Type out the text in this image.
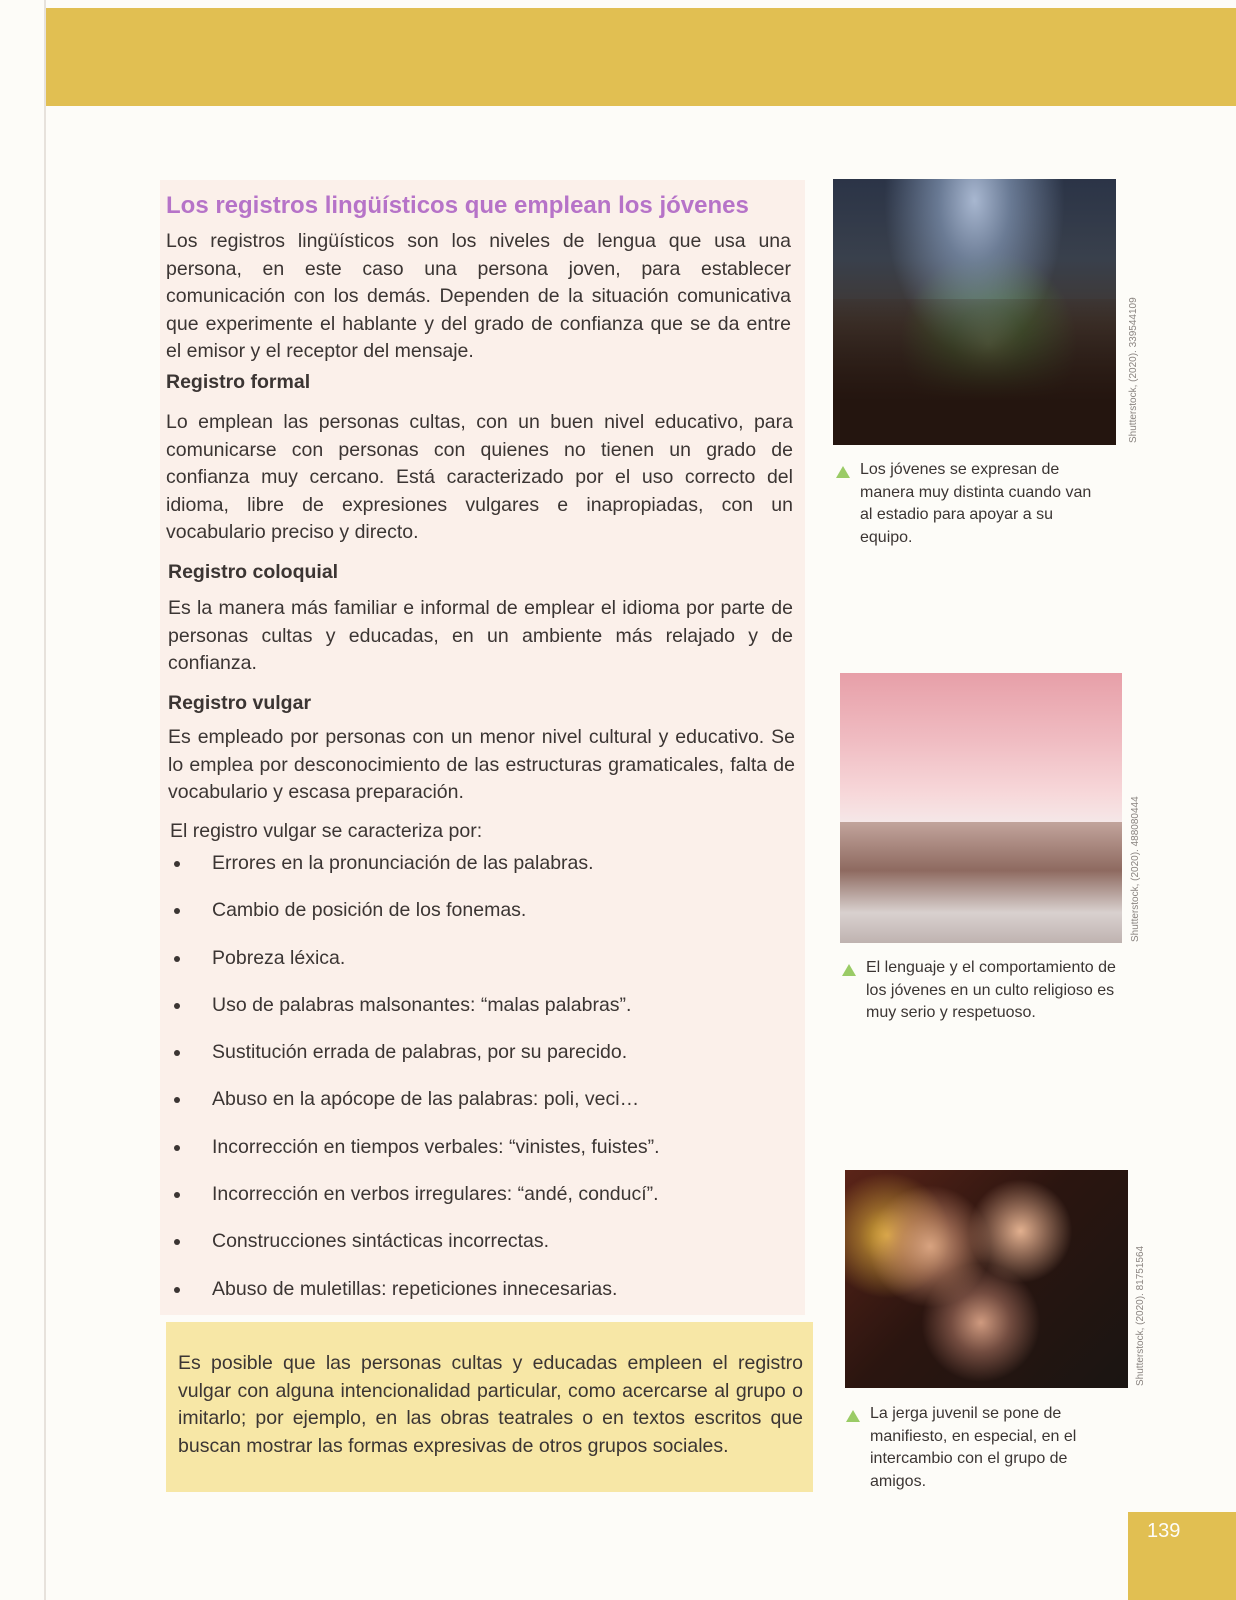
Los registros lingüísticos que emplean los jóvenes

Los registros lingüísticos son los niveles de lengua que usa una persona, en este caso una persona joven, para establecer comunicación con los demás. Dependen de la situación comunicativa que experimente el hablante y del grado de confianza que se da entre el emisor y el receptor del mensaje.

Registro formal

Lo emplean las personas cultas, con un buen nivel educativo, para comunicarse con personas con quienes no tienen un grado de confianza muy cercano. Está caracterizado por el uso correcto del idioma, libre de expresiones vulgares e inapropiadas, con un vocabulario preciso y directo.

Registro coloquial

Es la manera más familiar e informal de emplear el idioma por parte de personas cultas y educadas, en un ambiente más relajado y de confianza.

Registro vulgar

Es empleado por personas con un menor nivel cultural y educativo. Se lo emplea por desconocimiento de las estructuras gramaticales, falta de vocabulario y escasa preparación.

El registro vulgar se caracteriza por:

Errores en la pronunciación de las palabras.
Cambio de posición de los fonemas.
Pobreza léxica.
Uso de palabras malsonantes: “malas palabras”.
Sustitución errada de palabras, por su parecido.
Abuso en la apócope de las palabras: poli, veci…
Incorrección en tiempos verbales: “vinistes, fuistes”.
Incorrección en verbos irregulares: “andé, conducí”.
Construcciones sintácticas incorrectas.
Abuso de muletillas: repeticiones innecesarias.

Es posible que las personas cultas y educadas empleen el registro vulgar con alguna intencionalidad particular, como acercarse al grupo o imitarlo; por ejemplo, en las obras teatrales o en textos escritos que buscan mostrar las formas expresivas de otros grupos sociales.

Shutterstock, (2020). 339544109

Los jóvenes se expresan de manera muy distinta cuando van al estadio para apoyar a su equipo.

Shutterstock, (2020). 488080444

El lenguaje y el comportamiento de los jóvenes en un culto religioso es muy serio y respetuoso.

Shutterstock, (2020). 81751564

La jerga juvenil se pone de manifiesto, en especial, en el intercambio con el grupo de amigos.

139
